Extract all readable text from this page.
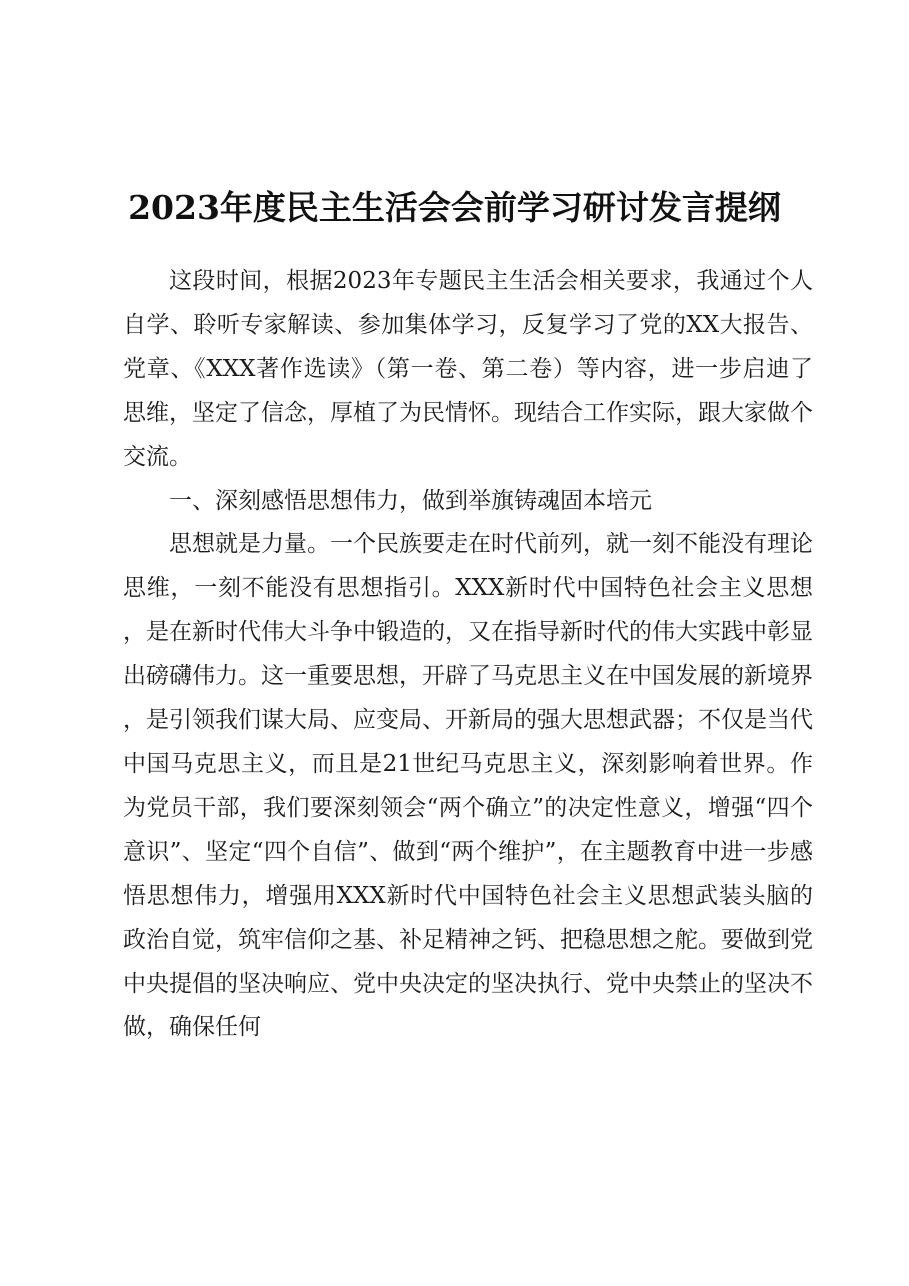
2023年度民主生活会会前学习研讨发言提纲

这段时间，根据2023年专题民主生活会相关要求，我通过个人自学、聆听专家解读、参加集体学习，反复学习了党的XX大报告、党章、《XXX著作选读》（第一卷、第二卷）等内容，进一步启迪了思维，坚定了信念，厚植了为民情怀。现结合工作实际，跟大家做个交流。

一、深刻感悟思想伟力，做到举旗铸魂固本培元

思想就是力量。一个民族要走在时代前列，就一刻不能没有理论思维，一刻不能没有思想指引。XXX新时代中国特色社会主义思想，是在新时代伟大斗争中锻造的，又在指导新时代的伟大实践中彰显出磅礴伟力。这一重要思想，开辟了马克思主义在中国发展的新境界，是引领我们谋大局、应变局、开新局的强大思想武器；不仅是当代中国马克思主义，而且是21世纪马克思主义，深刻影响着世界。作为党员干部，我们要深刻领会“两个确立”的决定性意义，增强“四个意识”、坚定“四个自信”、做到“两个维护”，在主题教育中进一步感悟思想伟力，增强用XXX新时代中国特色社会主义思想武装头脑的政治自觉，筑牢信仰之基、补足精神之钙、把稳思想之舵。要做到党中央提倡的坚决响应、党中央决定的坚决执行、党中央禁止的坚决不做，确保任何
